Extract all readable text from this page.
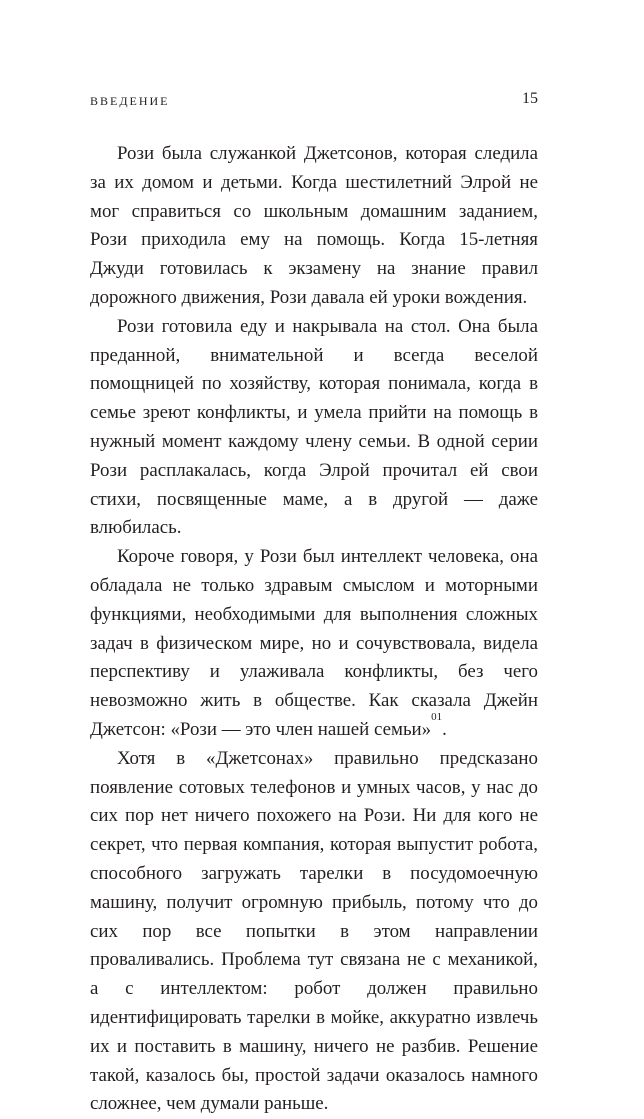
ВВЕДЕНИЕ	15

Рози была служанкой Джетсонов, которая следила за их домом и детьми. Когда шестилетний Элрой не мог справиться со школьным домашним заданием, Рози приходила ему на помощь. Когда 15-летняя Джуди готовилась к экзамену на знание правил дорожного движения, Рози давала ей уроки вождения.

Рози готовила еду и накрывала на стол. Она была преданной, внимательной и всегда веселой помощницей по хозяйству, которая понимала, когда в семье зреют конфликты, и умела прийти на помощь в нужный момент каждому члену семьи. В одной серии Рози расплакалась, когда Элрой прочитал ей свои стихи, посвященные маме, а в другой — даже влюбилась.

Короче говоря, у Рози был интеллект человека, она обладала не только здравым смыслом и моторными функциями, необходимыми для выполнения сложных задач в физическом мире, но и сочувствовала, видела перспективу и улаживала конфликты, без чего невозможно жить в обществе. Как сказала Джейн Джетсон: «Рози — это член нашей семьи»$^{01}$.

Хотя в «Джетсонах» правильно предсказано появление сотовых телефонов и умных часов, у нас до сих пор нет ничего похожего на Рози. Ни для кого не секрет, что первая компания, которая выпустит робота, способного загружать тарелки в посудомоечную машину, получит огромную прибыль, потому что до сих пор все попытки в этом направлении проваливались. Проблема тут связана не с механикой, а с интеллектом: робот должен правильно идентифицировать тарелки в мойке, аккуратно извлечь их и поставить в машину, ничего не разбив. Решение такой, казалось бы, простой задачи оказалось намного сложнее, чем думали раньше.
